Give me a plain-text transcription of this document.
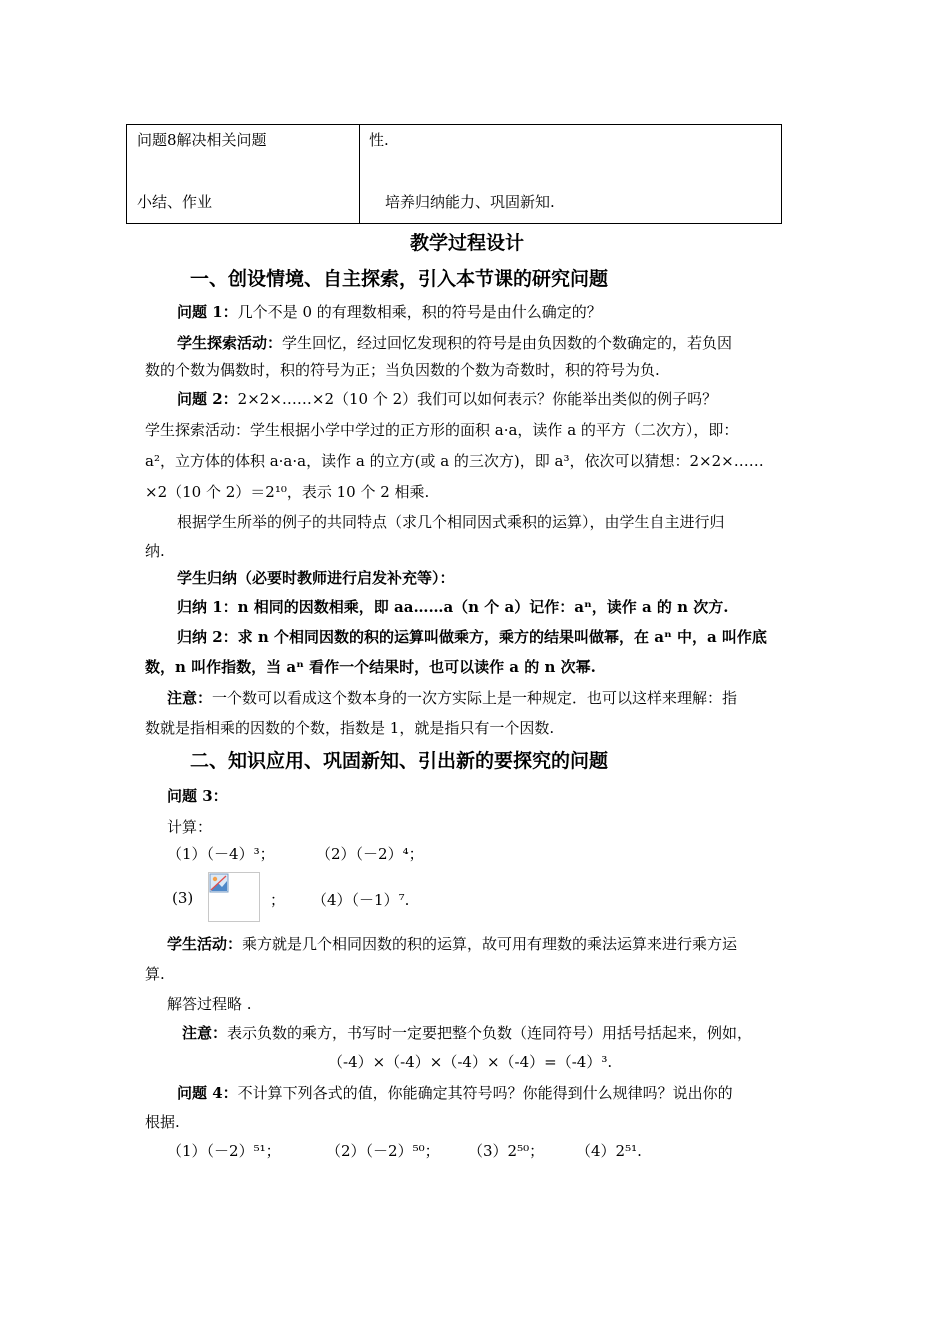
问题8解决相关问题	性.
小结、作业	培养归纳能力、巩固新知.
教学过程设计
一、创设情境、自主探索，引入本节课的研究问题
问题 1：几个不是 0 的有理数相乘，积的符号是由什么确定的？
学生探索活动：学生回忆，经过回忆发现积的符号是由负因数的个数确定的，若负因
数的个数为偶数时，积的符号为正；当负因数的个数为奇数时，积的符号为负.
问题 2：2×2×……×2（10 个 2）我们可以如何表示？你能举出类似的例子吗？
学生探索活动：学生根据小学中学过的正方形的面积 a·a，读作 a 的平方（二次方），即：
a²，立方体的体积 a·a·a，读作 a 的立方(或 a 的三次方)，即 a³，依次可以猜想：2×2×……
×2（10 个 2）＝2¹⁰，表示 10 个 2 相乘.
根据学生所举的例子的共同特点（求几个相同因式乘积的运算），由学生自主进行归
纳.
学生归纳（必要时教师进行启发补充等）：
归纳 1：n 相同的因数相乘，即 aa……a（n 个 a）记作：aⁿ，读作 a 的 n 次方.
归纳 2：求 n 个相同因数的积的运算叫做乘方，乘方的结果叫做幂，在 aⁿ 中，a 叫作底
数，n 叫作指数，当 aⁿ 看作一个结果时，也可以读作 a 的 n 次幂.
注意：一个数可以看成这个数本身的一次方实际上是一种规定．也可以这样来理解：指
数就是指相乘的因数的个数，指数是 1，就是指只有一个因数.
二、知识应用、巩固新知、引出新的要探究的问题
问题 3：
计算：
（1）（－4）³；	（2）（－2）⁴；
(3)	； （4）（－1）⁷.
学生活动：乘方就是几个相同因数的积的运算，故可用有理数的乘法运算来进行乘方运
算.
解答过程略 .
注意：表示负数的乘方，书写时一定要把整个负数（连同符号）用括号括起来，例如，
（-4）×（-4）×（-4）×（-4）=（-4）³.
问题 4：不计算下列各式的值，你能确定其符号吗？你能得到什么规律吗？说出你的
根据.
（1）（－2）⁵¹；	（2）（－2）⁵⁰； （3）2⁵⁰； （4）2⁵¹.
